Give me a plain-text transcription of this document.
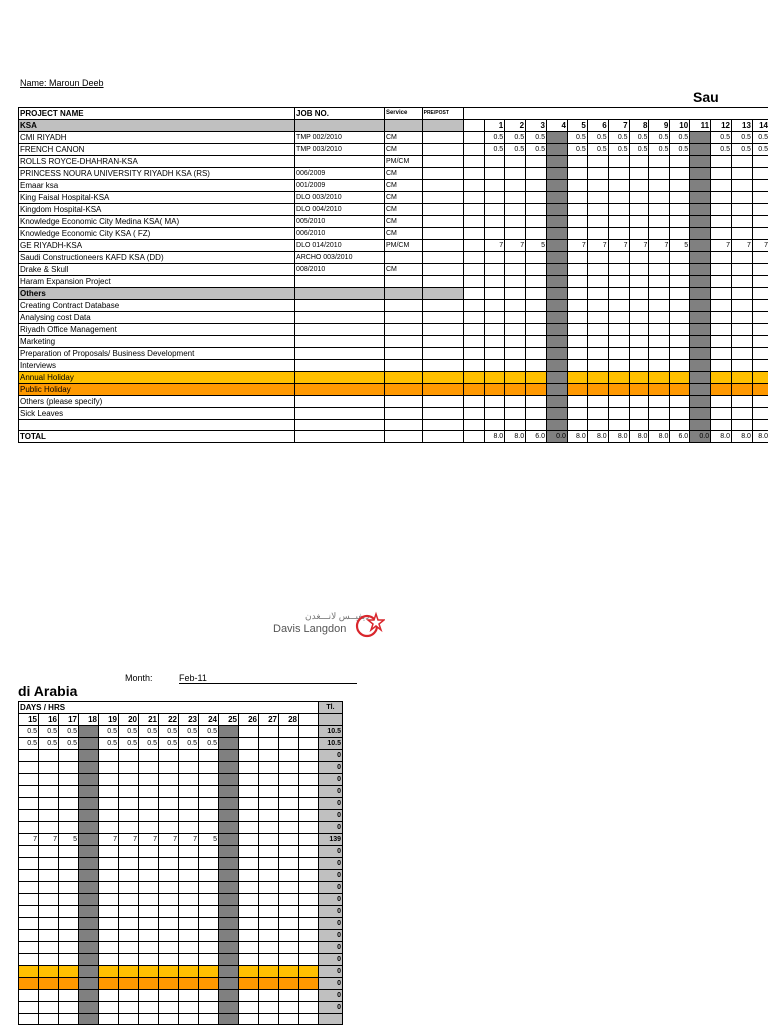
Name: Maroun Deeb
Sau
PROJECT NAME	JOB NO.	Service	PRE/POST															
KSA					1	2	3	4	5	6	7	8	9	10	11	12	13	14
CMI RIYADH	TMP 002/2010	CM			0.5	0.5	0.5		0.5	0.5	0.5	0.5	0.5	0.5		0.5	0.5	0.5
FRENCH CANON	TMP 003/2010	CM			0.5	0.5	0.5		0.5	0.5	0.5	0.5	0.5	0.5		0.5	0.5	0.5
ROLLS ROYCE-DHAHRAN-KSA		PM/CM																
PRINCESS NOURA UNIVERSITY RIYADH KSA (RS)	006/2009	CM																
Emaar ksa	001/2009	CM																
King Faisal Hospital-KSA	DLO 003/2010	CM																
Kingdom Hospital-KSA	DLO 004/2010	CM																
Knowledge Economic City Medina KSA( MA)	005/2010	CM																
Knowledge Economic City KSA ( FZ)	006/2010	CM																
GE RIYADH-KSA	DLO 014/2010	PM/CM			7	7	5		7	7	7	7	7	5		7	7	7
Saudi Constructioneers KAFD KSA (DD)	ARCHO 003/2010																	
Drake & Skull	008/2010	CM																
Haram Expansion Project																		
Others																		
Creating Contract Database																		
Analysing cost Data																		
Riyadh Office Management																		
Marketing																		
Preparation of Proposals/ Business Development																		
Interviews																		
Annual Holiday																		
Public Holiday																		
Others (please specify)																		
Sick Leaves																		

TOTAL					8.0	8.0	6.0	0.0	8.0	8.0	8.0	8.0	8.0	6.0	0.0	8.0	8.0	8.0
ديفيــس لانـــغدن
Davis Langdon
Month:	Feb-11
di Arabia
DAYS / HRS															Tl.
15	16	17	18	19	20	21	22	23	24	25	26	27	28		
0.5	0.5	0.5		0.5	0.5	0.5	0.5	0.5	0.5						10.5
0.5	0.5	0.5		0.5	0.5	0.5	0.5	0.5	0.5						10.5
															0
															0
															0
															0
															0
															0
															0
7	7	5		7	7	7	7	7	5						139
															0
															0
															0
															0
															0
															0
															0
															0
															0
															0
															0
															0
															0
															0
